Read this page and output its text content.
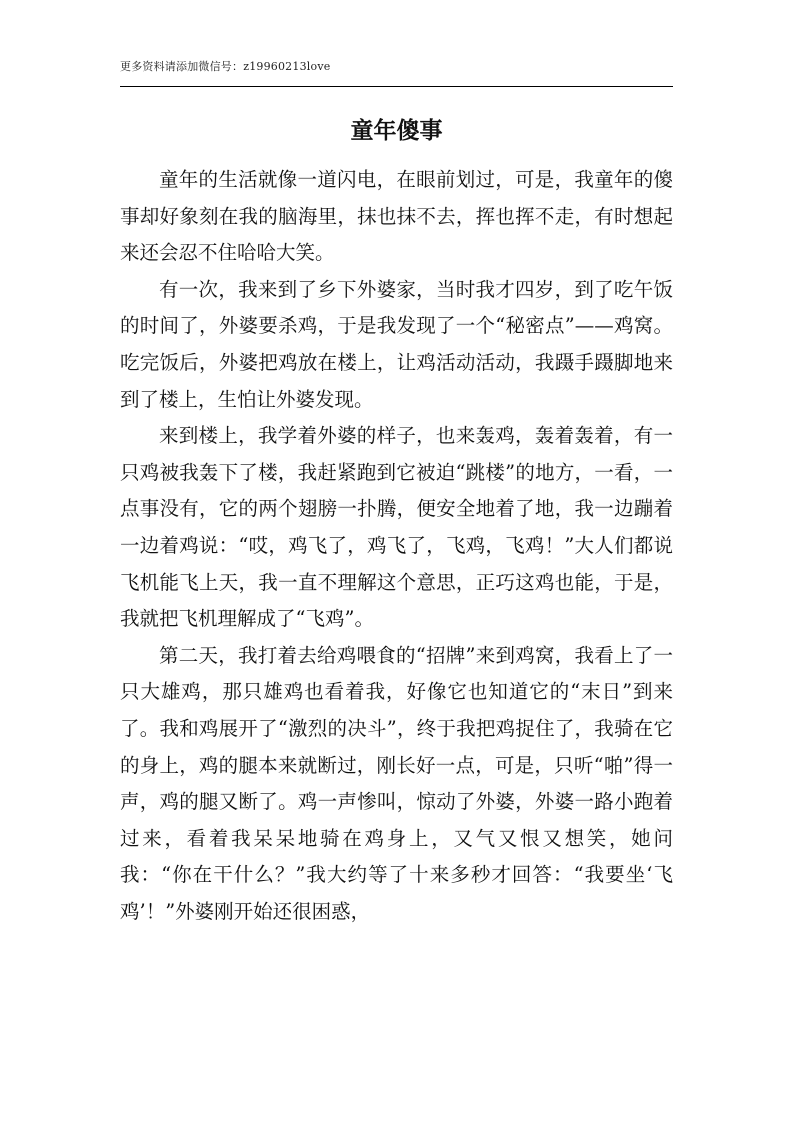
更多资料请添加微信号：z19960213love
童年傻事

童年的生活就像一道闪电，在眼前划过，可是，我童年的傻事却好象刻在我的脑海里，抹也抹不去，挥也挥不走，有时想起来还会忍不住哈哈大笑。

有一次，我来到了乡下外婆家，当时我才四岁，到了吃午饭的时间了，外婆要杀鸡，于是我发现了一个“秘密点”——鸡窝。吃完饭后，外婆把鸡放在楼上，让鸡活动活动，我蹑手蹑脚地来到了楼上，生怕让外婆发现。

来到楼上，我学着外婆的样子，也来轰鸡，轰着轰着，有一只鸡被我轰下了楼，我赶紧跑到它被迫“跳楼”的地方，一看，一点事没有，它的两个翅膀一扑腾，便安全地着了地，我一边蹦着一边着鸡说：“哎，鸡飞了，鸡飞了，飞鸡，飞鸡！”大人们都说飞机能飞上天，我一直不理解这个意思，正巧这鸡也能，于是，我就把飞机理解成了“飞鸡”。

第二天，我打着去给鸡喂食的“招牌”来到鸡窝，我看上了一只大雄鸡，那只雄鸡也看着我，好像它也知道它的“末日”到来了。我和鸡展开了“激烈的决斗”，终于我把鸡捉住了，我骑在它的身上，鸡的腿本来就断过，刚长好一点，可是，只听“啪”得一声，鸡的腿又断了。鸡一声惨叫，惊动了外婆，外婆一路小跑着过来，看着我呆呆地骑在鸡身上，又气又恨又想笑，她问我：“你在干什么？”我大约等了十来多秒才回答：“我要坐‘飞鸡’！”外婆刚开始还很困惑，
